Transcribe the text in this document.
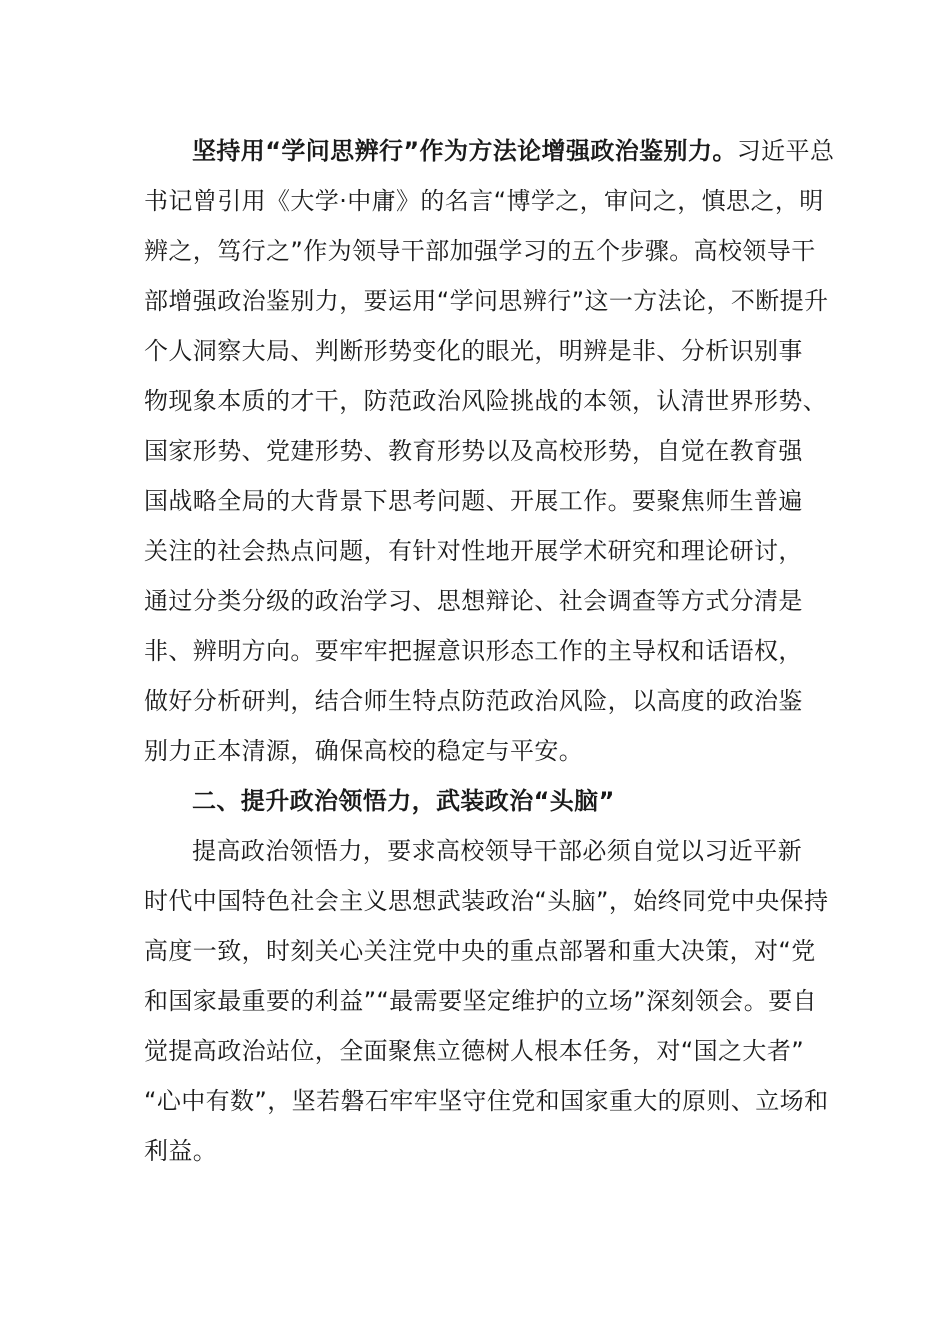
坚持用“学问思辨行”作为方法论增强政治鉴别力。习近平总
书记曾引用《大学·中庸》的名言“博学之，审问之，慎思之，明
辨之，笃行之”作为领导干部加强学习的五个步骤。高校领导干
部增强政治鉴别力，要运用“学问思辨行”这一方法论，不断提升
个人洞察大局、判断形势变化的眼光，明辨是非、分析识别事
物现象本质的才干，防范政治风险挑战的本领，认清世界形势、
国家形势、党建形势、教育形势以及高校形势，自觉在教育强
国战略全局的大背景下思考问题、开展工作。要聚焦师生普遍
关注的社会热点问题，有针对性地开展学术研究和理论研讨，
通过分类分级的政治学习、思想辩论、社会调查等方式分清是
非、辨明方向。要牢牢把握意识形态工作的主导权和话语权，
做好分析研判，结合师生特点防范政治风险，以高度的政治鉴
别力正本清源，确保高校的稳定与平安。
二、提升政治领悟力，武装政治“头脑”
提高政治领悟力，要求高校领导干部必须自觉以习近平新
时代中国特色社会主义思想武装政治“头脑”，始终同党中央保持
高度一致，时刻关心关注党中央的重点部署和重大决策，对“党
和国家最重要的利益”“最需要坚定维护的立场”深刻领会。要自
觉提高政治站位，全面聚焦立德树人根本任务，对“国之大者”
“心中有数”，坚若磐石牢牢坚守住党和国家重大的原则、立场和
利益。
